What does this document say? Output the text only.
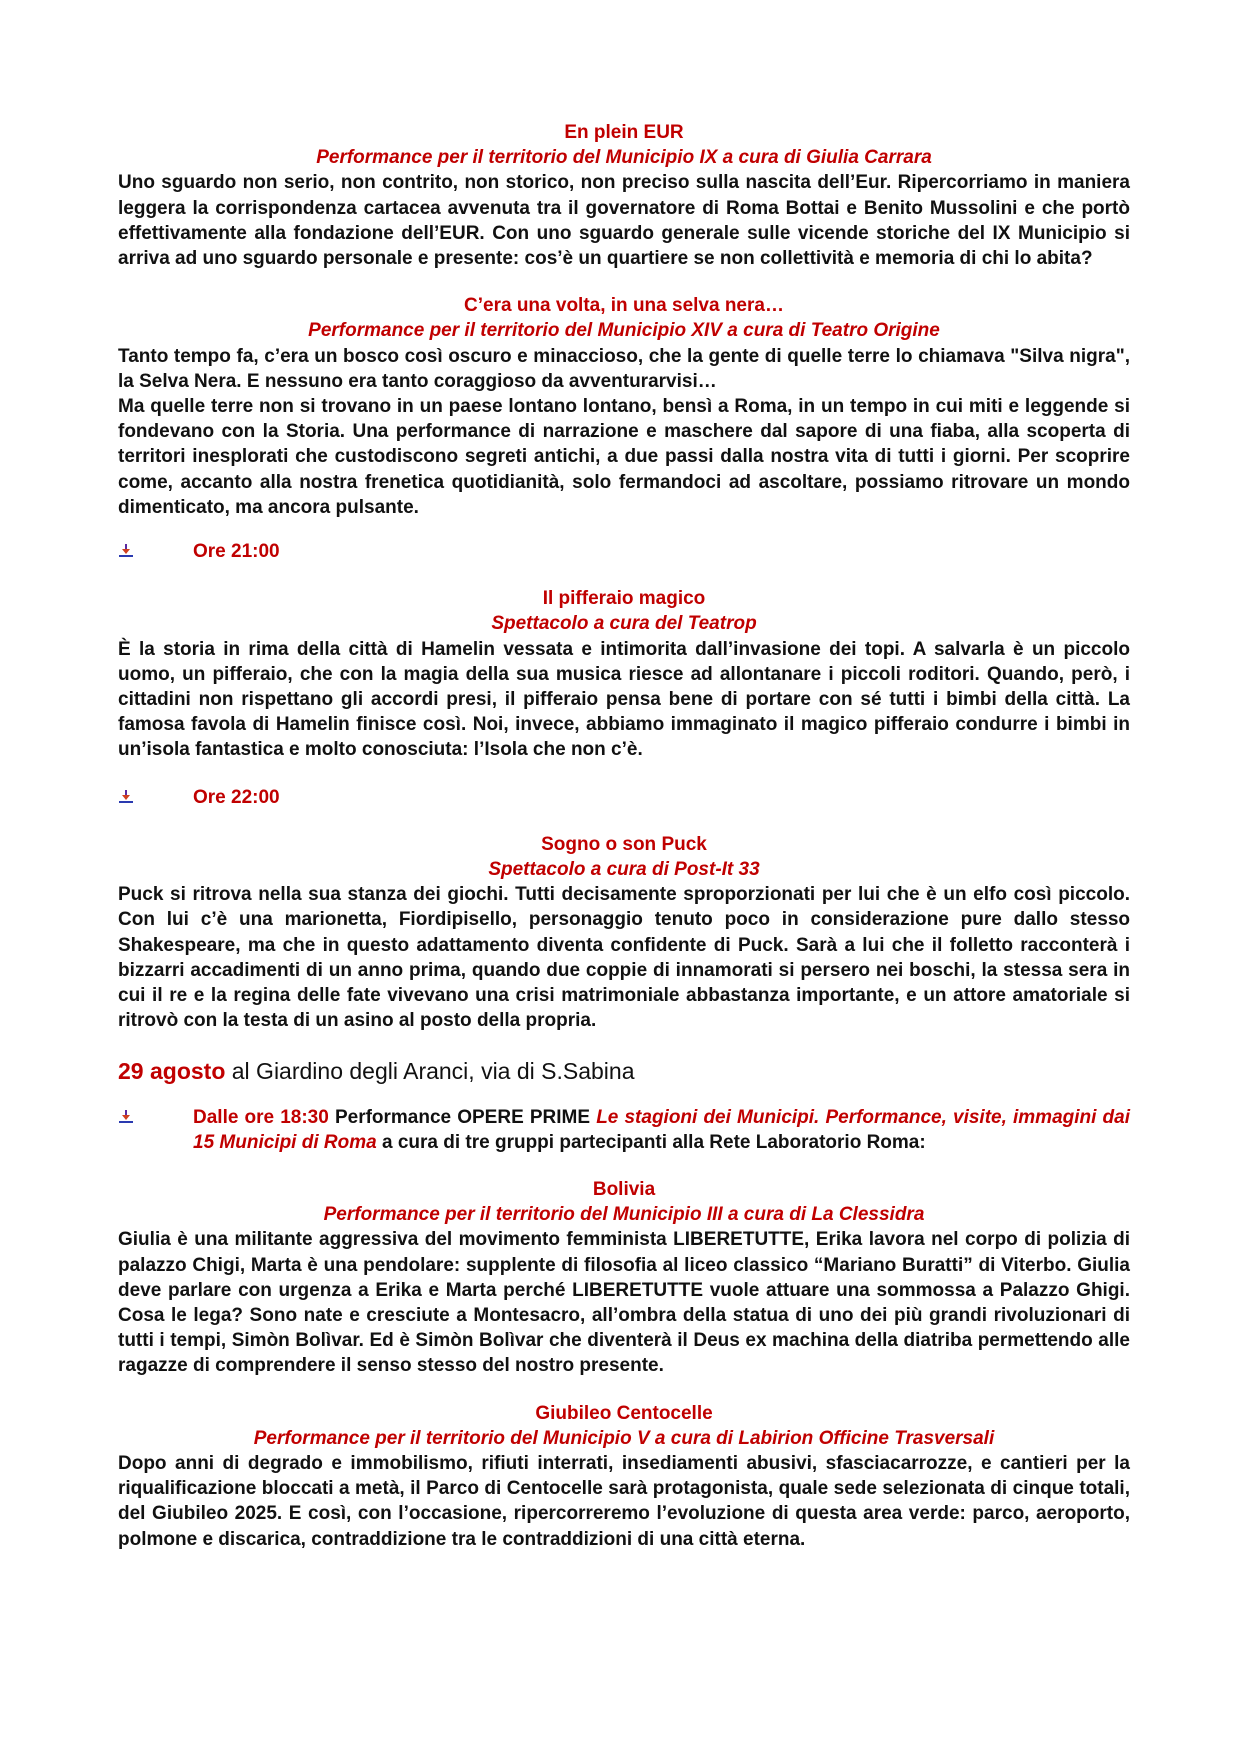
En plein EUR

Performance per il territorio del Municipio IX a cura di Giulia Carrara

Uno sguardo non serio, non contrito, non storico, non preciso sulla nascita dell’Eur. Ripercorriamo in maniera leggera la corrispondenza cartacea avvenuta tra il governatore di Roma Bottai e Benito Mussolini e che portò effettivamente alla fondazione dell’EUR. Con uno sguardo generale sulle vicende storiche del IX Municipio si arriva ad uno sguardo personale e presente: cos’è un quartiere se non collettività e memoria di chi lo abita?

C’era una volta, in una selva nera…

Performance per il territorio del Municipio XIV a cura di Teatro Origine

Tanto tempo fa, c’era un bosco così oscuro e minaccioso, che la gente di quelle terre lo chiamava "Silva nigra", la Selva Nera. E nessuno era tanto coraggioso da avventurarvisi…

Ma quelle terre non si trovano in un paese lontano lontano, bensì a Roma, in un tempo in cui miti e leggende si fondevano con la Storia. Una performance di narrazione e maschere dal sapore di una fiaba, alla scoperta di territori inesplorati che custodiscono segreti antichi, a due passi dalla nostra vita di tutti i giorni. Per scoprire come, accanto alla nostra frenetica quotidianità, solo fermandoci ad ascoltare, possiamo ritrovare un mondo dimenticato, ma ancora pulsante.

Ore 21:00

Il pifferaio magico

Spettacolo a cura del Teatrop

È la storia in rima della città di Hamelin vessata e intimorita dall’invasione dei topi. A salvarla è un piccolo uomo, un pifferaio, che con la magia della sua musica riesce ad allontanare i piccoli roditori. Quando, però, i cittadini non rispettano gli accordi presi, il pifferaio pensa bene di portare con sé tutti i bimbi della città. La famosa favola di Hamelin finisce così. Noi, invece, abbiamo immaginato il magico pifferaio condurre i bimbi in un’isola fantastica e molto conosciuta: l’Isola che non c’è.

Ore 22:00

Sogno o son Puck

Spettacolo a cura di Post-It 33

Puck si ritrova nella sua stanza dei giochi. Tutti decisamente sproporzionati per lui che è un elfo così piccolo. Con lui c’è una marionetta, Fiordipisello, personaggio tenuto poco in considerazione pure dallo stesso Shakespeare, ma che in questo adattamento diventa confidente di Puck. Sarà a lui che il folletto racconterà i bizzarri accadimenti di un anno prima, quando due coppie di innamorati si persero nei boschi, la stessa sera in cui il re e la regina delle fate vivevano una crisi matrimoniale abbastanza importante, e un attore amatoriale si ritrovò con la testa di un asino al posto della propria.

29 agosto al Giardino degli Aranci, via di S.Sabina

Dalle ore 18:30 Performance OPERE PRIME Le stagioni dei Municipi. Performance, visite, immagini dai 15 Municipi di Roma a cura di tre gruppi partecipanti alla Rete Laboratorio Roma:

Bolivia

Performance per il territorio del Municipio III a cura di La Clessidra

Giulia è una militante aggressiva del movimento femminista LIBERETUTTE, Erika lavora nel corpo di polizia di palazzo Chigi, Marta è una pendolare: supplente di filosofia al liceo classico “Mariano Buratti” di Viterbo. Giulia deve parlare con urgenza a Erika e Marta perché LIBERETUTTE vuole attuare una sommossa a Palazzo Ghigi. Cosa le lega? Sono nate e cresciute a Montesacro, all’ombra della statua di uno dei più grandi rivoluzionari di tutti i tempi, Simòn Bolìvar. Ed è Simòn Bolìvar che diventerà il Deus ex machina della diatriba permettendo alle ragazze di comprendere il senso stesso del nostro presente.

Giubileo Centocelle

Performance per il territorio del Municipio V a cura di Labirion Officine Trasversali

Dopo anni di degrado e immobilismo, rifiuti interrati, insediamenti abusivi, sfasciacarrozze, e cantieri per la riqualificazione bloccati a metà, il Parco di Centocelle sarà protagonista, quale sede selezionata di cinque totali, del Giubileo 2025. E così, con l’occasione, ripercorreremo l’evoluzione di questa area verde: parco, aeroporto, polmone e discarica, contraddizione tra le contraddizioni di una città eterna.
